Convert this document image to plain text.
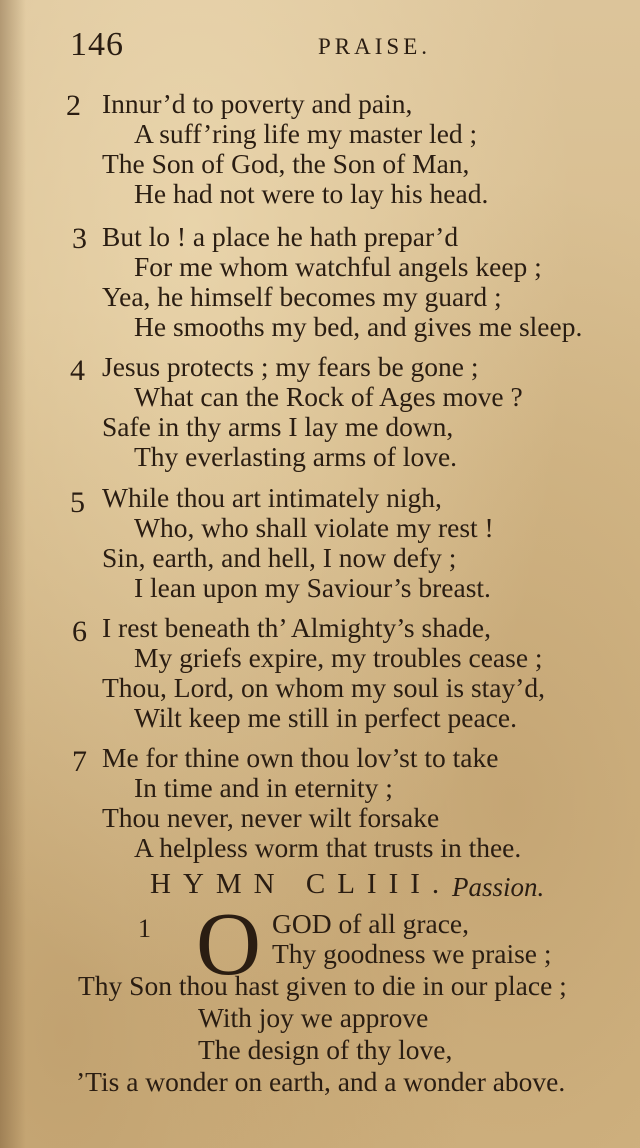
146	PRAISE.
2 Innur’d to poverty and pain,
A suff’ring life my master led ;
The Son of God, the Son of Man,
He had not were to lay his head.
3 But lo ! a place he hath prepar’d
For me whom watchful angels keep ;
Yea, he himself becomes my guard ;
He smooths my bed, and gives me sleep.
4 Jesus protects ; my fears be gone ;
What can the Rock of Ages move ?
Safe in thy arms I lay me down,
Thy everlasting arms of love.
5 While thou art intimately nigh,
Who, who shall violate my rest !
Sin, earth, and hell, I now defy ;
I lean upon my Saviour’s breast.
6 I rest beneath th’ Almighty’s shade,
My griefs expire, my troubles cease ;
Thou, Lord, on whom my soul is stay’d,
Wilt keep me still in perfect peace.
7 Me for thine own thou lov’st to take
In time and in eternity ;
Thou never, never wilt forsake
A helpless worm that trusts in thee.
HYMN CLIII. Passion.
1 O GOD of all grace,
Thy goodness we praise ;
Thy Son thou hast given to die in our place ;
With joy we approve
The design of thy love,
’Tis a wonder on earth, and a wonder above.
